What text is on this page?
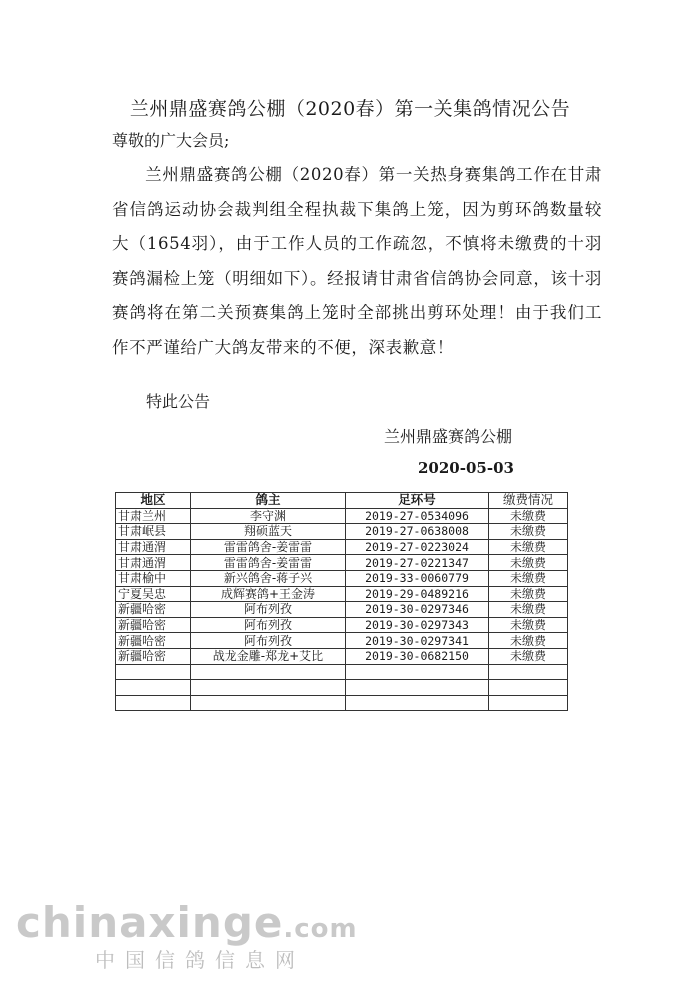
兰州鼎盛赛鸽公棚（2020春）第一关集鸽情况公告
尊敬的广大会员;
兰州鼎盛赛鸽公棚（2020春）第一关热身赛集鸽工作在甘肃省信鸽运动协会裁判组全程执裁下集鸽上笼，因为剪环鸽数量较大（1654羽），由于工作人员的工作疏忽，不慎将未缴费的十羽赛鸽漏检上笼（明细如下）。经报请甘肃省信鸽协会同意，该十羽赛鸽将在第二关预赛集鸽上笼时全部挑出剪环处理！由于我们工作不严谨给广大鸽友带来的不便，深表歉意！
特此公告
兰州鼎盛赛鸽公棚
2020-05-03
地区	鸽主	足环号	缴费情况
甘肃兰州	李守渊	2019-27-0534096	未缴费
甘肃岷县	翔硕蓝天	2019-27-0638008	未缴费
甘肃通渭	雷雷鸽舍-姜雷雷	2019-27-0223024	未缴费
甘肃通渭	雷雷鸽舍-姜雷雷	2019-27-0221347	未缴费
甘肃榆中	新兴鸽舍-蒋子兴	2019-33-0060779	未缴费
宁夏吴忠	成辉赛鸽+王金涛	2019-29-0489216	未缴费
新疆哈密	阿布列孜	2019-30-0297346	未缴费
新疆哈密	阿布列孜	2019-30-0297343	未缴费
新疆哈密	阿布列孜	2019-30-0297341	未缴费
新疆哈密	战龙金雕-郑龙+艾比	2019-30-0682150	未缴费

chinaxinge.com
中国信鸽信息网
